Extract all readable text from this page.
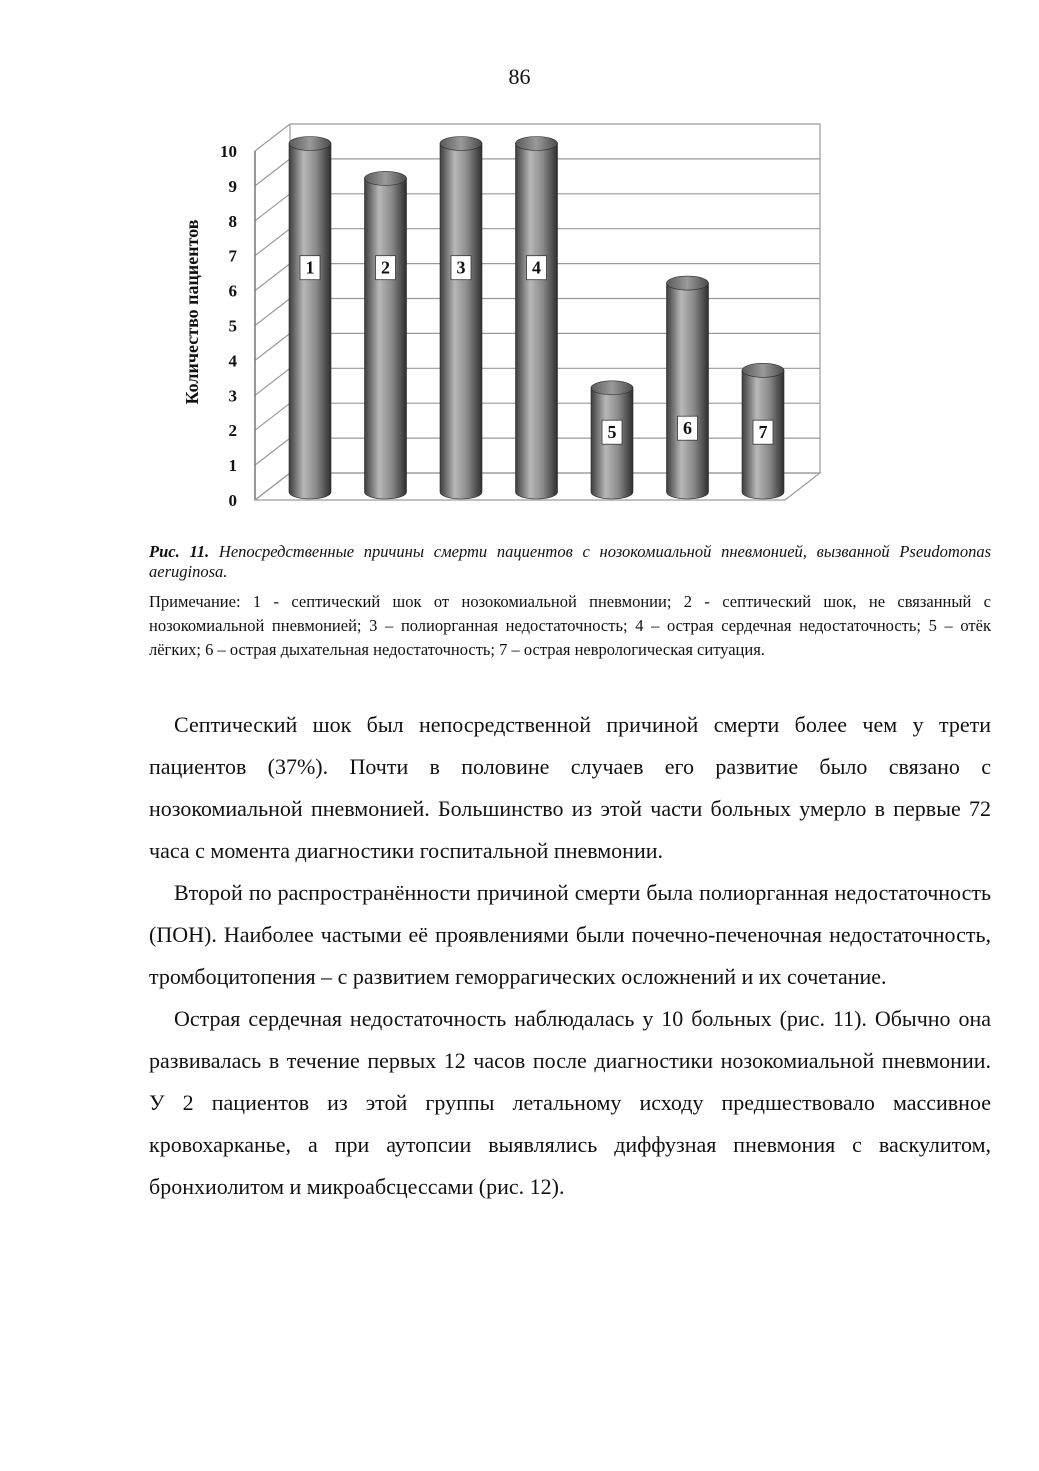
86
0
1
2
3
4
5
6
7
8
9
10
Количество пациентов	1	2	3	4
5	6	7
Рис. 11. Непосредственные причины смерти пациентов с нозокомиальной пневмонией, вызванной Pseudomonas aeruginosa.
Примечание: 1 - септический шок от нозокомиальной пневмонии; 2 - септический шок, не связанный с нозокомиальной пневмонией; 3 – полиорганная недостаточность; 4 – острая сердечная недостаточность; 5 – отёк лёгких; 6 – острая дыхательная недостаточность; 7 – острая неврологическая ситуация.

Септический шок был непосредственной причиной смерти более чем у трети пациентов (37%). Почти в половине случаев его развитие было связано с нозокомиальной пневмонией. Большинство из этой части больных умерло в первые 72 часа с момента диагностики госпитальной пневмонии.

Второй по распространённости причиной смерти была полиорганная недостаточность (ПОН). Наиболее частыми её проявлениями были почечно-печеночная недостаточность, тромбоцитопения – с развитием геморрагических осложнений и их сочетание.

Острая сердечная недостаточность наблюдалась у 10 больных (рис. 11). Обычно она развивалась в течение первых 12 часов после диагностики нозокомиальной пневмонии. У 2 пациентов из этой группы летальному исходу предшествовало массивное кровохарканье, а при аутопсии выявлялись диффузная пневмония с васкулитом, бронхиолитом и микроабсцессами (рис. 12).
